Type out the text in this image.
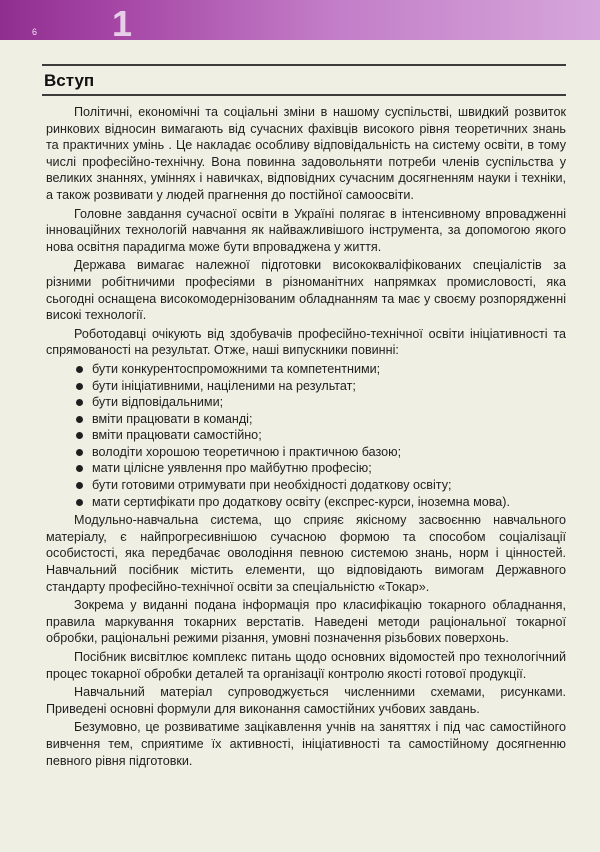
6 1
Вступ

Політичні, економічні та соціальні зміни в нашому суспільстві, швидкий розвиток ринкових відносин вимагають від сучасних фахівців високого рівня теоретичних знань та практичних умінь . Це накладає особливу відповідальність на систему освіти, в тому числі професійно-технічну. Вона повинна задовольняти потреби членів суспільства у великих знаннях, уміннях і навичках, відповідних сучасним досягненням науки і техніки, а також розвивати у людей прагнення до постійної самоосвіти.

Головне завдання сучасної освіти в Україні полягає в інтенсивному впровадженні інноваційних технологій навчання як найважливішого інструмента, за допомогою якого нова освітня парадигма може бути впроваджена у життя.

Держава вимагає належної підготовки висококваліфікованих спеціалістів за різними робітничими професіями в різноманітних напрямках промисловості, яка сьогодні оснащена високомодернізованим обладнанням та має у своєму розпорядженні високі технології.

Роботодавці очікують від здобувачів професійно-технічної освіти ініціативності та спрямованості на результат. Отже, наші випускники повинні:

бути конкурентоспроможними та компетентними;
бути ініціативними, націленими на результат;
бути відповідальними;
вміти працювати в команді;
вміти працювати самостійно;
володіти хорошою теоретичною і практичною базою;
мати цілісне уявлення про майбутню професію;
бути готовими отримувати при необхідності додаткову освіту;
мати сертифікати про додаткову освіту (експрес-курси, іноземна мова).

Модульно-навчальна система, що сприяє якісному засвоєнню навчального матеріалу, є найпрогресивнішою сучасною формою та способом соціалізації особистості, яка передбачає оволодіння певною системою знань, норм і цінностей. Навчальний посібник містить елементи, що відповідають вимогам Державного стандарту професійно-технічної освіти за спеціальністю «Токар».

Зокрема у виданні подана інформація про класифікацію токарного обладнання, правила маркування токарних верстатів. Наведені методи раціональної токарної обробки, раціональні режими різання, умовні позначення різьбових поверхонь.

Посібник висвітлює комплекс питань щодо основних відомостей про технологічний процес токарної обробки деталей та організації контролю якості готової продукції.

Навчальний матеріал супроводжується численними схемами, рисунками. Приведені основні формули для виконання самостійних учбових завдань.

Безумовно, це розвиватиме зацікавлення учнів на заняттях і під час самостійного вивчення тем, сприятиме їх активності, ініціативності та самостійному досягненню певного рівня підготовки.
